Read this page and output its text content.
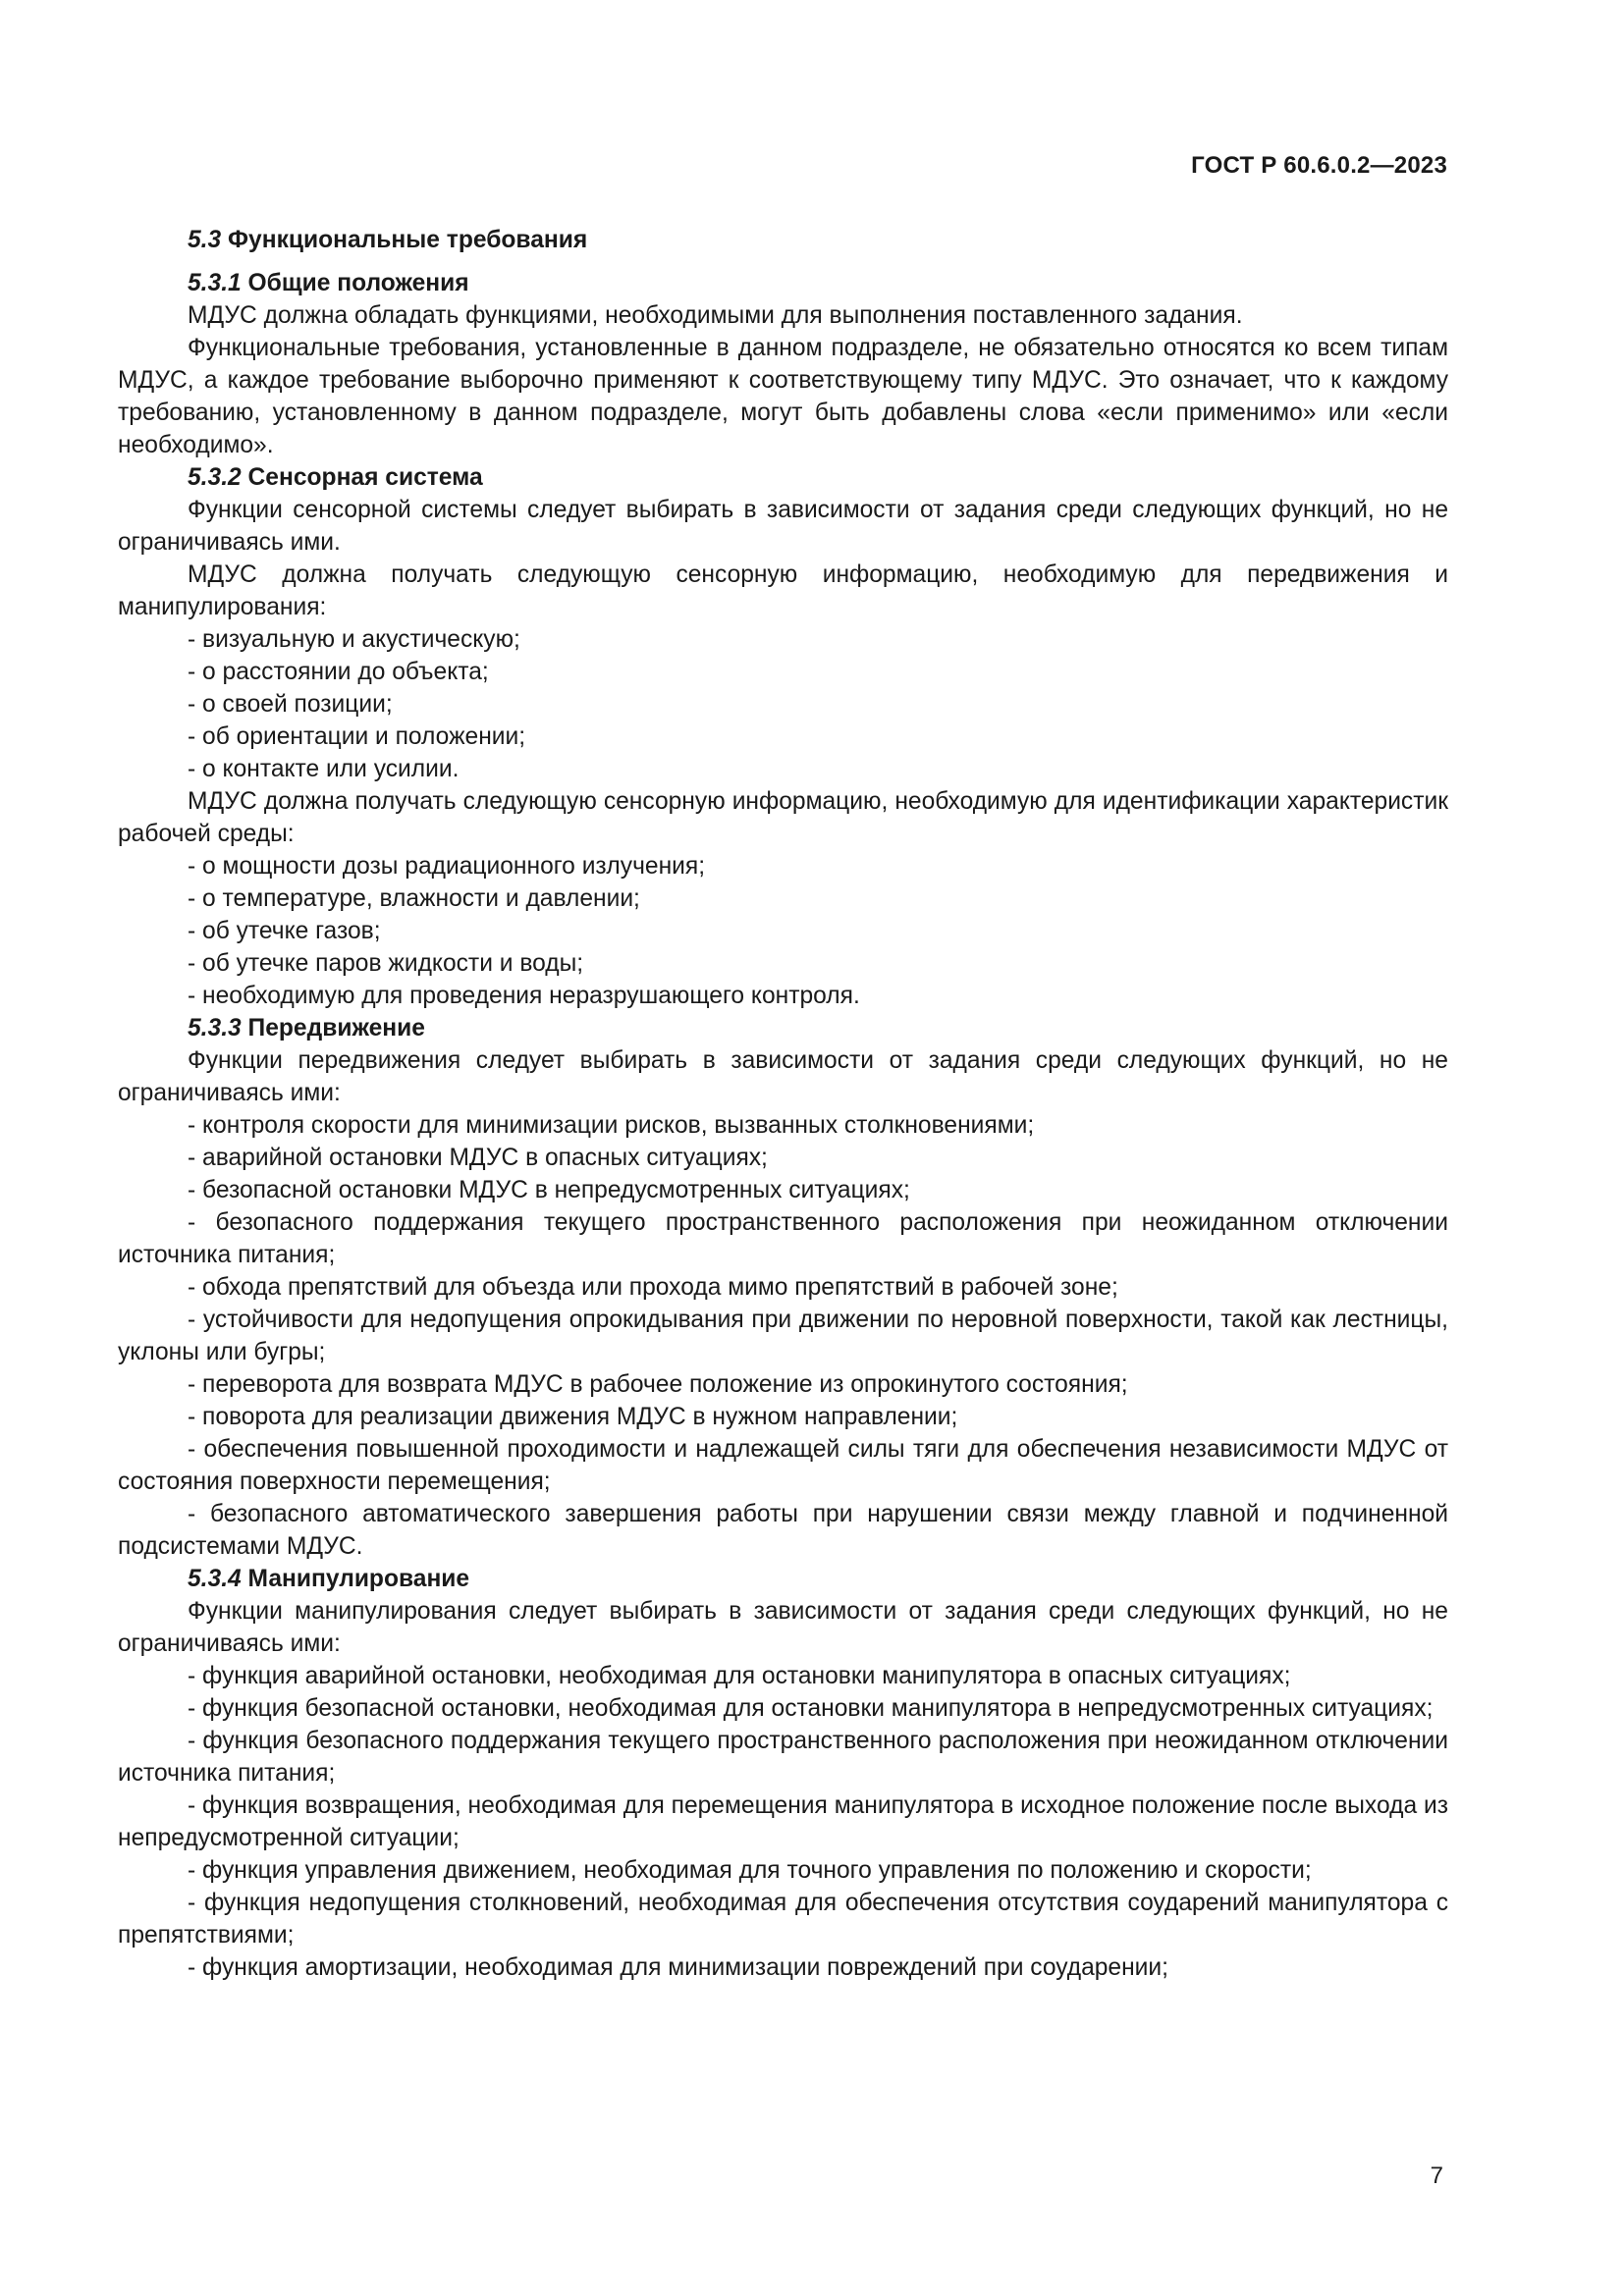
ГОСТ Р 60.6.0.2—2023

5.3 Функциональные требования

5.3.1 Общие положения

МДУС должна обладать функциями, необходимыми для выполнения поставленного задания.

Функциональные требования, установленные в данном подразделе, не обязательно относятся ко всем типам МДУС, а каждое требование выборочно применяют к соответствующему типу МДУС. Это означает, что к каждому требованию, установленному в данном подразделе, могут быть добавлены слова «если применимо» или «если необходимо».

5.3.2 Сенсорная система

Функции сенсорной системы следует выбирать в зависимости от задания среди следующих функций, но не ограничиваясь ими.

МДУС должна получать следующую сенсорную информацию, необходимую для передвижения и манипулирования:

- визуальную и акустическую;

- о расстоянии до объекта;

- о своей позиции;

- об ориентации и положении;

- о контакте или усилии.

МДУС должна получать следующую сенсорную информацию, необходимую для идентификации характеристик рабочей среды:

- о мощности дозы радиационного излучения;

- о температуре, влажности и давлении;

- об утечке газов;

- об утечке паров жидкости и воды;

- необходимую для проведения неразрушающего контроля.

5.3.3 Передвижение

Функции передвижения следует выбирать в зависимости от задания среди следующих функций, но не ограничиваясь ими:

- контроля скорости для минимизации рисков, вызванных столкновениями;

- аварийной остановки МДУС в опасных ситуациях;

- безопасной остановки МДУС в непредусмотренных ситуациях;

- безопасного поддержания текущего пространственного расположения при неожиданном отключении источника питания;

- обхода препятствий для объезда или прохода мимо препятствий в рабочей зоне;

- устойчивости для недопущения опрокидывания при движении по неровной поверхности, такой как лестницы, уклоны или бугры;

- переворота для возврата МДУС в рабочее положение из опрокинутого состояния;

- поворота для реализации движения МДУС в нужном направлении;

- обеспечения повышенной проходимости и надлежащей силы тяги для обеспечения независимости МДУС от состояния поверхности перемещения;

- безопасного автоматического завершения работы при нарушении связи между главной и подчиненной подсистемами МДУС.

5.3.4 Манипулирование

Функции манипулирования следует выбирать в зависимости от задания среди следующих функций, но не ограничиваясь ими:

- функция аварийной остановки, необходимая для остановки манипулятора в опасных ситуациях;

- функция безопасной остановки, необходимая для остановки манипулятора в непредусмотренных ситуациях;

- функция безопасного поддержания текущего пространственного расположения при неожиданном отключении источника питания;

- функция возвращения, необходимая для перемещения манипулятора в исходное положение после выхода из непредусмотренной ситуации;

- функция управления движением, необходимая для точного управления по положению и скорости;

- функция недопущения столкновений, необходимая для обеспечения отсутствия соударений манипулятора с препятствиями;

- функция амортизации, необходимая для минимизации повреждений при соударении;

7
